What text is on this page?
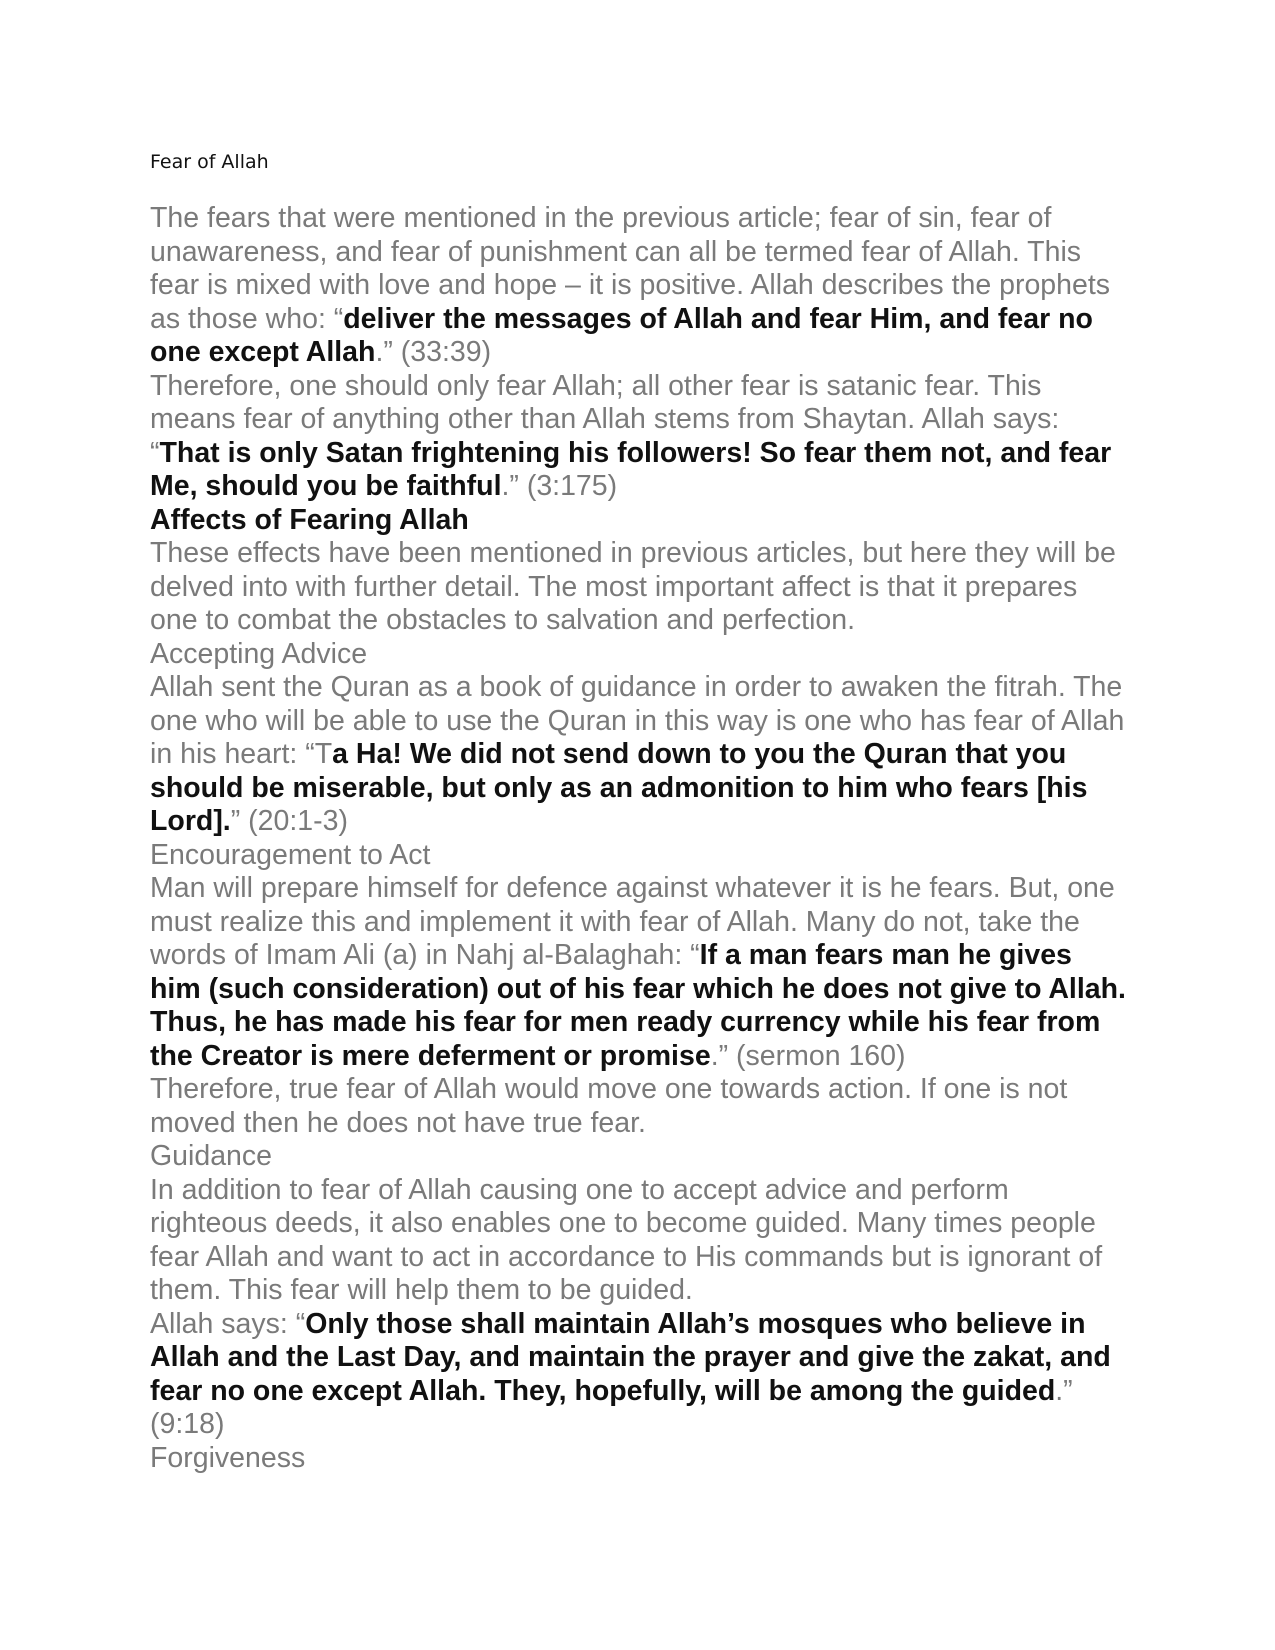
Fear of Allah

The fears that were mentioned in the previous article; fear of sin, fear of unawareness, and fear of punishment can all be termed fear of Allah. This fear is mixed with love and hope – it is positive. Allah describes the prophets as those who: “deliver the messages of Allah and fear Him, and fear no one except Allah.” (33:39)

Therefore, one should only fear Allah; all other fear is satanic fear. This means fear of anything other than Allah stems from Shaytan. Allah says: “That is only Satan frightening his followers! So fear them not, and fear Me, should you be faithful.” (3:175)

Affects of Fearing Allah

These effects have been mentioned in previous articles, but here they will be delved into with further detail. The most important affect is that it prepares one to combat the obstacles to salvation and perfection.

Accepting Advice

Allah sent the Quran as a book of guidance in order to awaken the fitrah. The one who will be able to use the Quran in this way is one who has fear of Allah in his heart: “Ta Ha! We did not send down to you the Quran that you should be miserable, but only as an admonition to him who fears [his Lord].” (20:1-3)

Encouragement to Act

Man will prepare himself for defence against whatever it is he fears. But, one must realize this and implement it with fear of Allah. Many do not, take the words of Imam Ali (a) in Nahj al-Balaghah: “If a man fears man he gives him (such consideration) out of his fear which he does not give to Allah. Thus, he has made his fear for men ready currency while his fear from the Creator is mere deferment or promise.” (sermon 160)

Therefore, true fear of Allah would move one towards action. If one is not moved then he does not have true fear.

Guidance

In addition to fear of Allah causing one to accept advice and perform righteous deeds, it also enables one to become guided. Many times people fear Allah and want to act in accordance to His commands but is ignorant of them. This fear will help them to be guided.

Allah says: “Only those shall maintain Allah’s mosques who believe in Allah and the Last Day, and maintain the prayer and give the zakat, and fear no one except Allah. They, hopefully, will be among the guided.” (9:18)

Forgiveness
